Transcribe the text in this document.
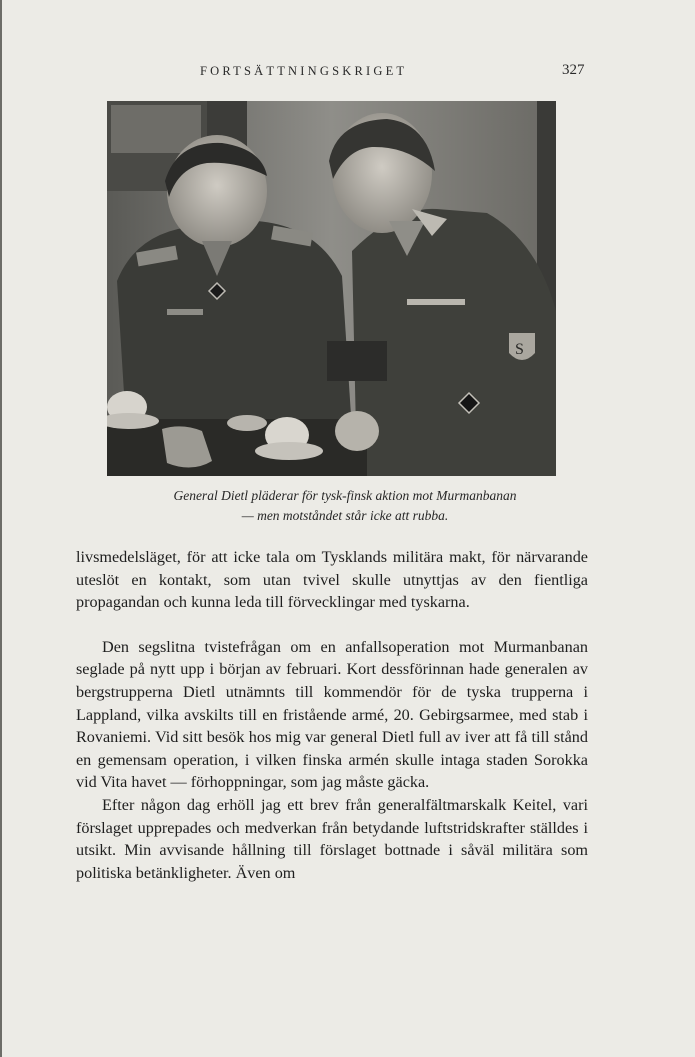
FORTSÄTTNINGSKRIGET	327
S
General Dietl pläderar för tysk-finsk aktion mot Murmanbanan
— men motståndet står icke att rubba.

livsmedelsläget, för att icke tala om Tysklands militära makt, för närvarande uteslöt en kontakt, som utan tvivel skulle utnyttjas av den fientliga propagandan och kunna leda till förvecklingar med tyskarna.

Den segslitna tvistefrågan om en anfallsoperation mot Murmanbanan seglade på nytt upp i början av februari. Kort dessförinnan hade generalen av bergstrupperna Dietl utnämnts till kommendör för de tyska trupperna i Lappland, vilka avskilts till en fristående armé, 20. Gebirgsarmee, med stab i Rovaniemi. Vid sitt besök hos mig var general Dietl full av iver att få till stånd en gemensam operation, i vilken finska armén skulle intaga staden Sorokka vid Vita havet — förhoppningar, som jag måste gäcka.

Efter någon dag erhöll jag ett brev från generalfältmarskalk Keitel, vari förslaget upprepades och medverkan från betydande luftstridskrafter ställdes i utsikt. Min avvisande hållning till förslaget bottnade i såväl militära som politiska betänkligheter. Även om
